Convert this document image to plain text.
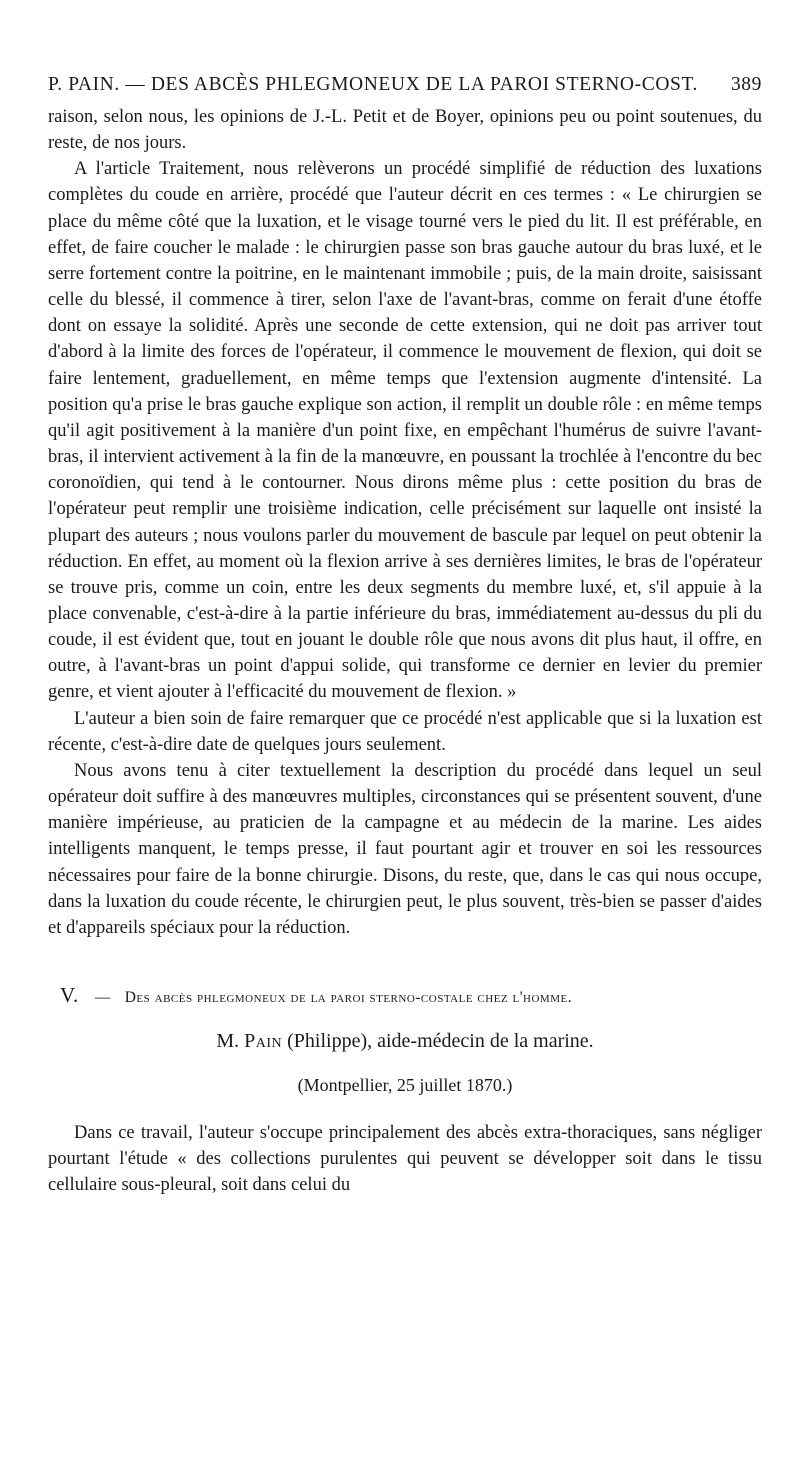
P. PAIN. — DES ABCÈS PHLEGMONEUX DE LA PAROI STERNO-COST. 389

raison, selon nous, les opinions de J.-L. Petit et de Boyer, opinions peu ou point soutenues, du reste, de nos jours.

A l'article Traitement, nous relèverons un procédé simplifié de réduction des luxations complètes du coude en arrière, procédé que l'auteur décrit en ces termes : « Le chirurgien se place du même côté que la luxation, et le visage tourné vers le pied du lit. Il est préférable, en effet, de faire coucher le malade : le chirurgien passe son bras gauche autour du bras luxé, et le serre fortement contre la poitrine, en le maintenant immobile ; puis, de la main droite, saisissant celle du blessé, il commence à tirer, selon l'axe de l'avant-bras, comme on ferait d'une étoffe dont on essaye la solidité. Après une seconde de cette extension, qui ne doit pas arriver tout d'abord à la limite des forces de l'opérateur, il commence le mouvement de flexion, qui doit se faire lentement, graduellement, en même temps que l'extension augmente d'intensité. La position qu'a prise le bras gauche explique son action, il remplit un double rôle : en même temps qu'il agit positivement à la manière d'un point fixe, en empêchant l'humérus de suivre l'avant-bras, il intervient activement à la fin de la manœuvre, en poussant la trochlée à l'encontre du bec coronoïdien, qui tend à le contourner. Nous dirons même plus : cette position du bras de l'opérateur peut remplir une troisième indication, celle précisément sur laquelle ont insisté la plupart des auteurs ; nous voulons parler du mouvement de bascule par lequel on peut obtenir la réduction. En effet, au moment où la flexion arrive à ses dernières limites, le bras de l'opérateur se trouve pris, comme un coin, entre les deux segments du membre luxé, et, s'il appuie à la place convenable, c'est-à-dire à la partie inférieure du bras, immédiatement au-dessus du pli du coude, il est évident que, tout en jouant le double rôle que nous avons dit plus haut, il offre, en outre, à l'avant-bras un point d'appui solide, qui transforme ce dernier en levier du premier genre, et vient ajouter à l'efficacité du mouvement de flexion. »

L'auteur a bien soin de faire remarquer que ce procédé n'est applicable que si la luxation est récente, c'est-à-dire date de quelques jours seulement.

Nous avons tenu à citer textuellement la description du procédé dans lequel un seul opérateur doit suffire à des manœuvres multiples, circonstances qui se présentent souvent, d'une manière impérieuse, au praticien de la campagne et au médecin de la marine. Les aides intelligents manquent, le temps presse, il faut pourtant agir et trouver en soi les ressources nécessaires pour faire de la bonne chirurgie. Disons, du reste, que, dans le cas qui nous occupe, dans la luxation du coude récente, le chirurgien peut, le plus souvent, très-bien se passer d'aides et d'appareils spéciaux pour la réduction.

V. — Des abcès phlegmoneux de la paroi sterno-costale chez l'homme.
M. Pain (Philippe), aide-médecin de la marine.
(Montpellier, 25 juillet 1870.)

Dans ce travail, l'auteur s'occupe principalement des abcès extra-thoraciques, sans négliger pourtant l'étude « des collections purulentes qui peuvent se développer soit dans le tissu cellulaire sous-pleural, soit dans celui du
